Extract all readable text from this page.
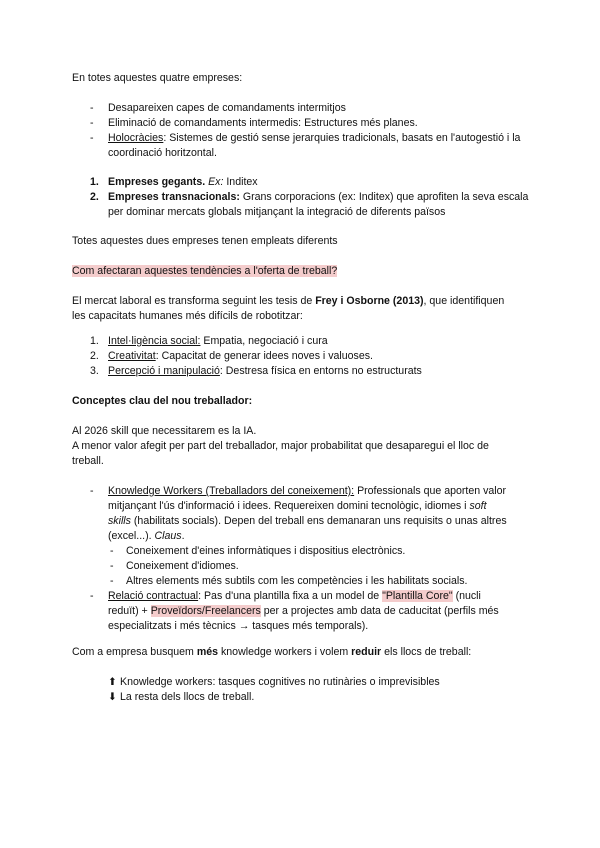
En totes aquestes quatre empreses:
- Desapareixen capes de comandaments intermitjos
- Eliminació de comandaments intermedis: Estructures més planes.
- Holocràcies: Sistemes de gestió sense jerarquies tradicionals, basats en l'autogestió i la coordinació horitzontal.
1. Empreses gegants. Ex: Inditex
2. Empreses transnacionals: Grans corporacions (ex: Inditex) que aprofiten la seva escala per dominar mercats globals mitjançant la integració de diferents països
Totes aquestes dues empreses tenen empleats diferents
Com afectaran aquestes tendències a l'oferta de treball?
El mercat laboral es transforma seguint les tesis de Frey i Osborne (2013), que identifiquen
les capacitats humanes més difícils de robotitzar:
1. Intel·ligència social: Empatia, negociació i cura
2. Creativitat: Capacitat de generar idees noves i valuoses.
3. Percepció i manipulació: Destresa física en entorns no estructurats
Conceptes clau del nou treballador:
Al 2026 skill que necessitarem es la IA.
A menor valor afegit per part del treballador, major probabilitat que desaparegui el lloc de
treball.
- Knowledge Workers (Treballadors del coneixement): Professionals que aporten valor
mitjançant l'ús d'informació i idees. Requereixen domini tecnològic, idiomes i soft
skills (habilitats socials). Depen del treball ens demanaran uns requisits o unas altres
(excel...). Claus.
- Coneixement d'eines informàtiques i dispositius electrònics.
- Coneixement d'idiomes.
- Altres elements més subtils com les competències i les habilitats socials.
- Relació contractual: Pas d'una plantilla fixa a un model de "Plantilla Core" (nucli
reduït) + Proveïdors/Freelancers per a projectes amb data de caducitat (perfils més
especialitzats i més tècnics → tasques més temporals).
Com a empresa busquem més knowledge workers i volem reduir els llocs de treball:
⬆ Knowledge workers: tasques cognitives no rutinàries o imprevisibles
⬇ La resta dels llocs de treball.
